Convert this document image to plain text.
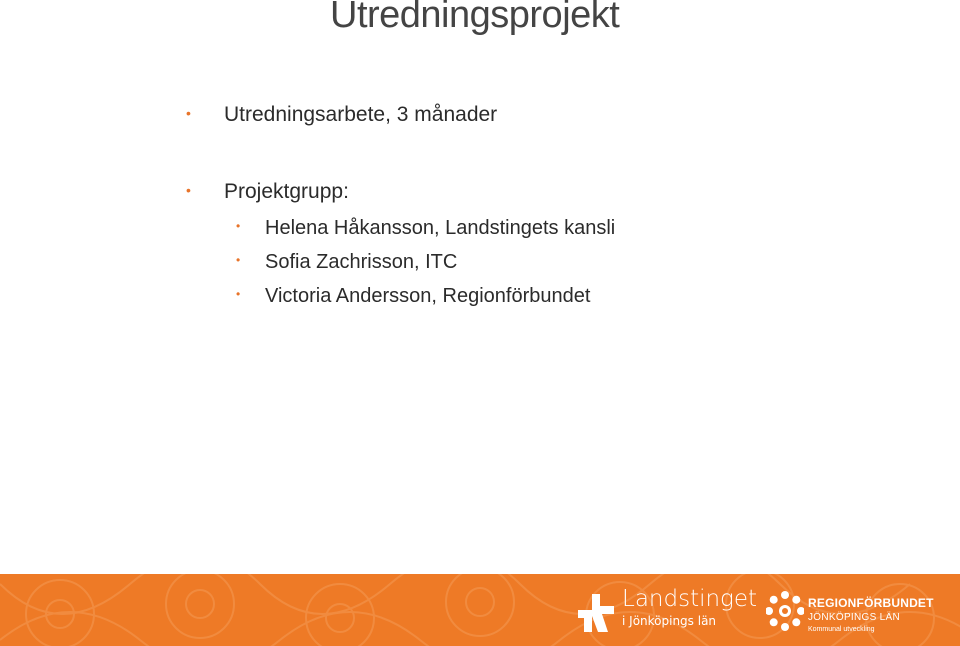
Utredningsprojekt
• Utredningsarbete, 3 månader
• Projektgrupp:
• Helena Håkansson, Landstingets kansli
• Sofia Zachrisson, ITC
• Victoria Andersson, Regionförbundet
Landstinget
i Jönköpings län
REGIONFÖRBUNDET
JÖNKÖPINGS LÄN
Kommunal utveckling
